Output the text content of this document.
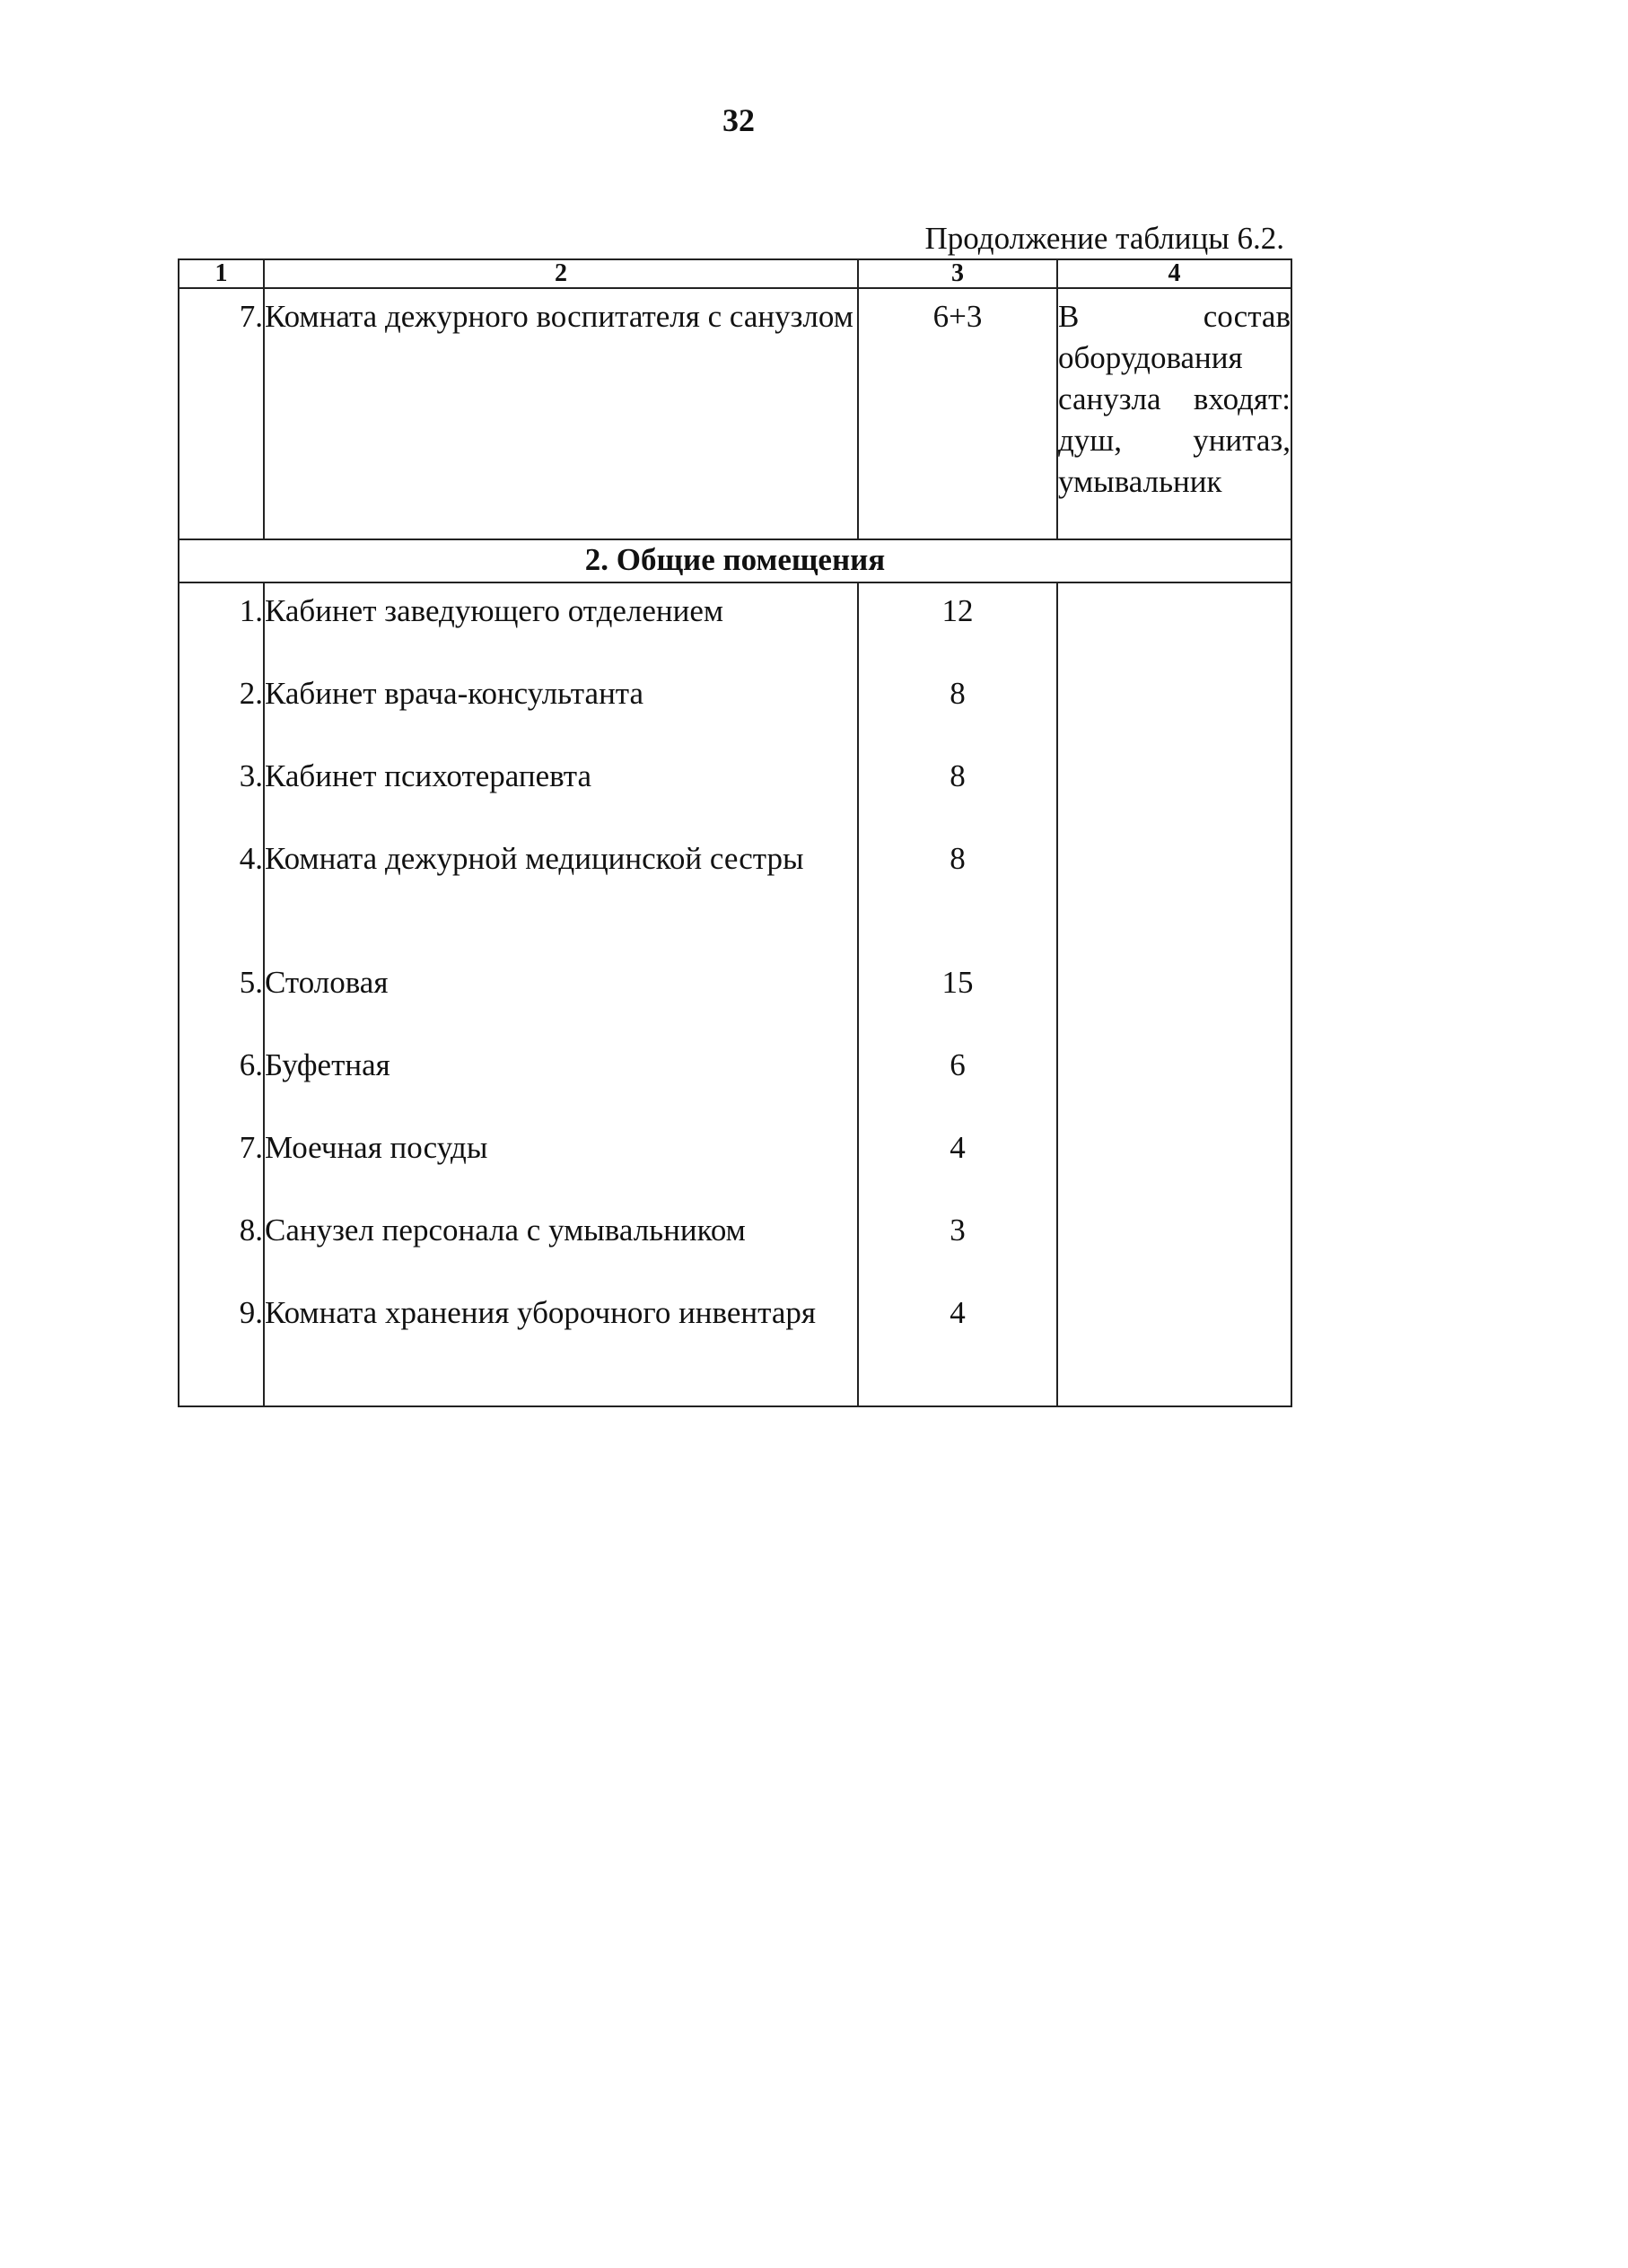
32
Продолжение таблицы 6.2.
1	2	3	4
7.	Комната дежурного воспитателя с санузлом	6+3	В состав оборудования санузла входят: душ, унитаз, умывальник
2. Общие помещения			
1.	Кабинет заведующего отделением	12	
2.	Кабинет врача-консультанта	8	
3.	Кабинет психотерапевта	8	
4.	Комната дежурной медицинской сестры	8	
5.	Столовая	15	
6.	Буфетная	6	
7.	Моечная посуды	4	
8.	Санузел персонала с умывальником	3	
9.	Комната хранения уборочного инвентаря	4	
